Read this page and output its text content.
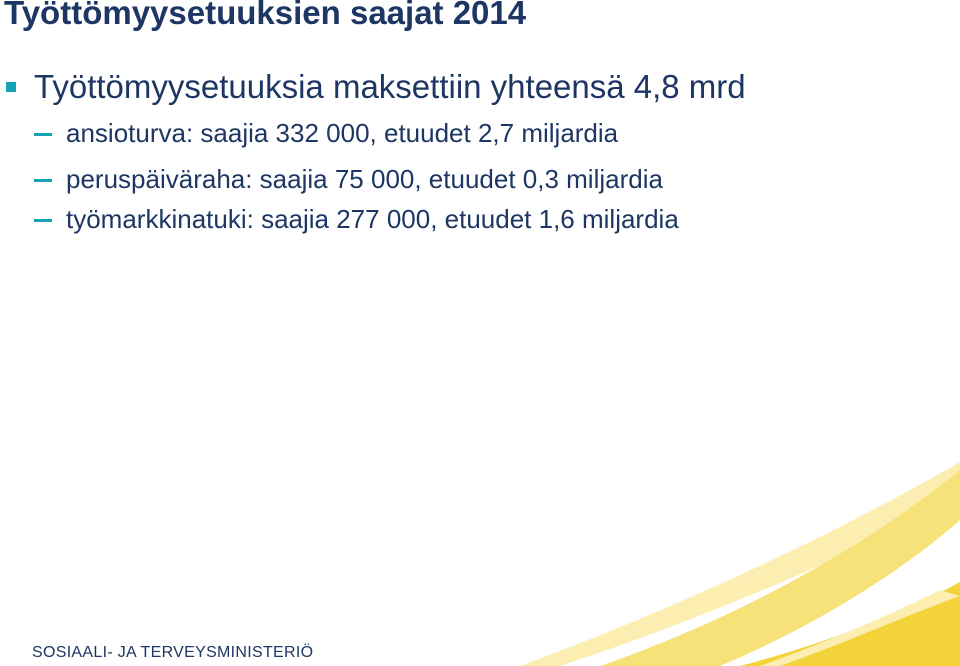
Työttömyysetuuksien saajat 2014
Työttömyysetuuksia maksettiin yhteensä 4,8 mrd
ansioturva: saajia 332 000, etuudet 2,7 miljardia
peruspäiväraha: saajia 75 000, etuudet 0,3 miljardia
työmarkkinatuki: saajia 277 000, etuudet 1,6 miljardia
SOSIAALI- JA TERVEYSMINISTERIÖ
